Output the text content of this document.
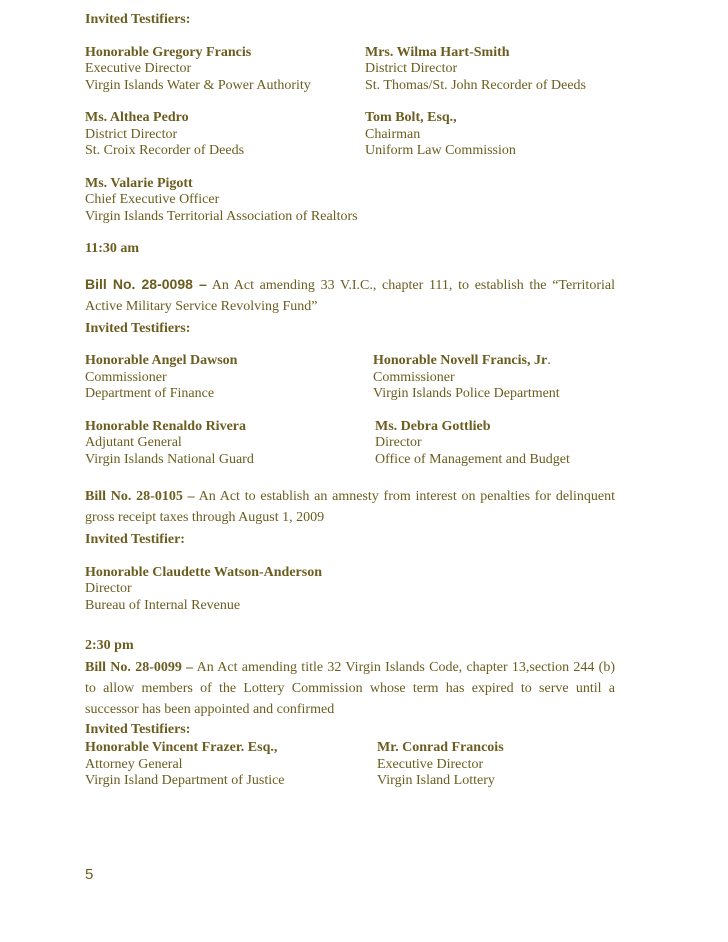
Invited Testifiers:
Honorable Gregory Francis
Executive Director
Virgin Islands Water & Power Authority
Mrs. Wilma Hart-Smith
District Director
St. Thomas/St. John Recorder of Deeds
Ms. Althea Pedro
District Director
St. Croix Recorder of Deeds
Tom Bolt, Esq.,
Chairman
Uniform Law Commission
Ms. Valarie Pigott
Chief Executive Officer
Virgin Islands Territorial Association of Realtors
11:30 am
Bill No. 28-0098 – An Act amending 33 V.I.C., chapter 111, to establish the “Territorial Active Military Service Revolving Fund”
Invited Testifiers:
Honorable Angel Dawson
Commissioner
Department of Finance
Honorable Novell Francis, Jr.
Commissioner
Virgin Islands Police Department
Honorable Renaldo Rivera
Adjutant General
Virgin Islands National Guard
Ms. Debra Gottlieb
Director
Office of Management and Budget
Bill No. 28-0105 – An Act to establish an amnesty from interest on penalties for delinquent gross receipt taxes through August 1, 2009
Invited Testifier:
Honorable Claudette Watson-Anderson
Director
Bureau of Internal Revenue
2:30 pm
Bill No. 28-0099 – An Act amending title 32 Virgin Islands Code, chapter 13,section 244 (b) to allow members of the Lottery Commission whose term has expired to serve until a successor has been appointed and confirmed
Invited Testifiers:
Honorable Vincent Frazer. Esq.,
Attorney General
Virgin Island Department of Justice
Mr. Conrad Francois
Executive Director
Virgin Island Lottery
5
